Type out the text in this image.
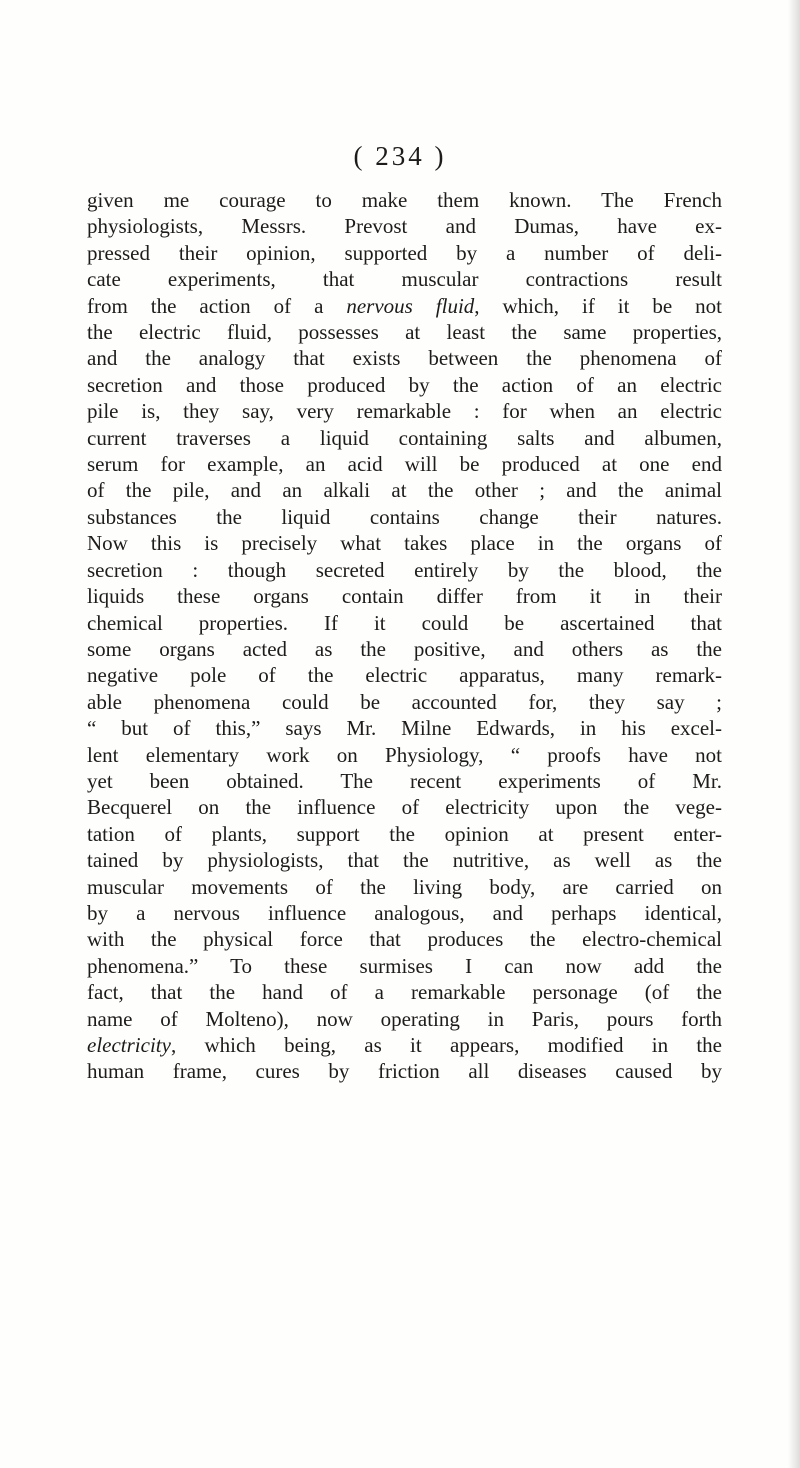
( 234 )
given me courage to make them known. The French
physiologists, Messrs. Prevost and Dumas, have ex-
pressed their opinion, supported by a number of deli-
cate experiments, that muscular contractions result
from the action of a nervous fluid, which, if it be not
the electric fluid, possesses at least the same properties,
and the analogy that exists between the phenomena of
secretion and those produced by the action of an electric
pile is, they say, very remarkable : for when an electric
current traverses a liquid containing salts and albumen,
serum for example, an acid will be produced at one end
of the pile, and an alkali at the other ; and the animal
substances the liquid contains change their natures.
Now this is precisely what takes place in the organs of
secretion : though secreted entirely by the blood, the
liquids these organs contain differ from it in their
chemical properties. If it could be ascertained that
some organs acted as the positive, and others as the
negative pole of the electric apparatus, many remark-
able phenomena could be accounted for, they say ;
“ but of this,” says Mr. Milne Edwards, in his excel-
lent elementary work on Physiology, “ proofs have not
yet been obtained. The recent experiments of Mr.
Becquerel on the influence of electricity upon the vege-
tation of plants, support the opinion at present enter-
tained by physiologists, that the nutritive, as well as the
muscular movements of the living body, are carried on
by a nervous influence analogous, and perhaps identical,
with the physical force that produces the electro-chemical
phenomena.” To these surmises I can now add the
fact, that the hand of a remarkable personage (of the
name of Molteno), now operating in Paris, pours forth
electricity, which being, as it appears, modified in the
human frame, cures by friction all diseases caused by
